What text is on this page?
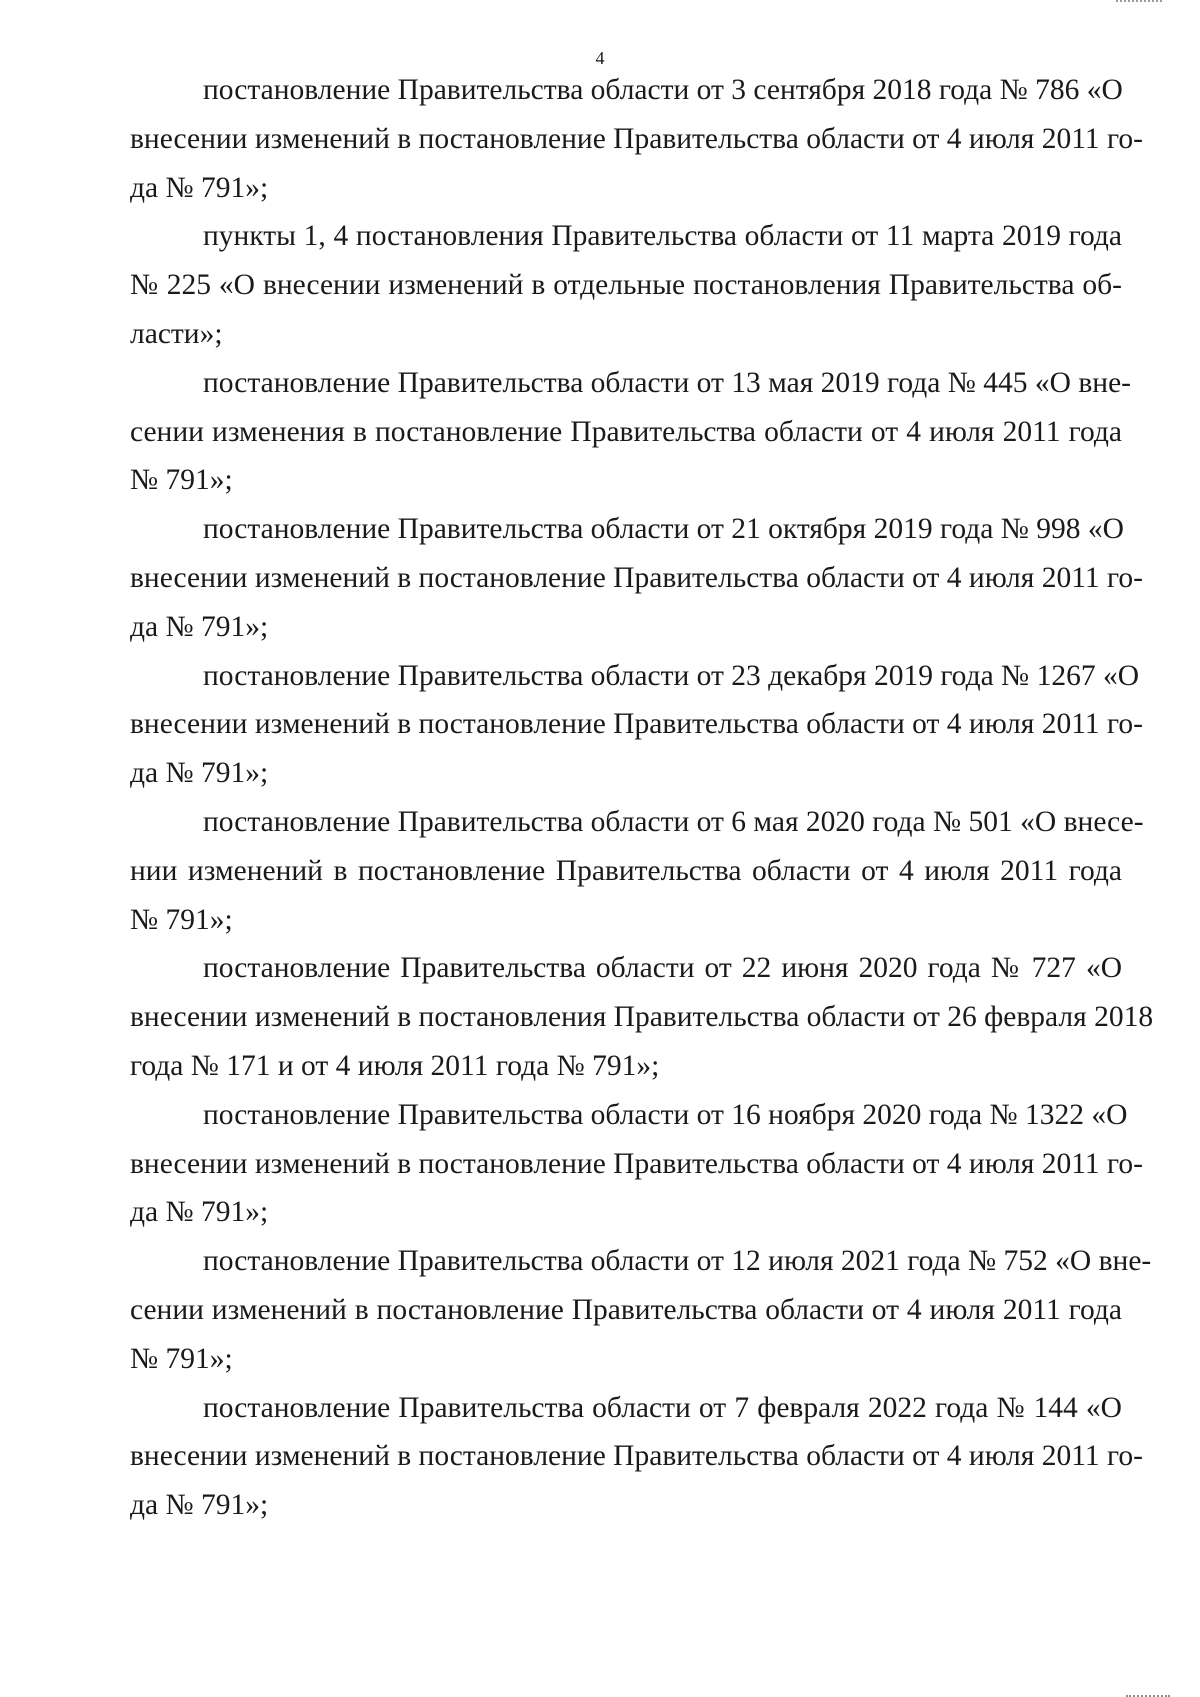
4
постановление Правительства области от 3 сентября 2018 года № 786 «О
внесении изменений в постановление Правительства области от 4 июля 2011 го-
да № 791»;
пункты 1, 4 постановления Правительства области от 11 марта 2019 года
№ 225 «О внесении изменений в отдельные постановления Правительства об-
ласти»;
постановление Правительства области от 13 мая 2019 года № 445 «О вне-
сении изменения в постановление Правительства области от 4 июля 2011 года
№ 791»;
постановление Правительства области от 21 октября 2019 года № 998 «О
внесении изменений в постановление Правительства области от 4 июля 2011 го-
да № 791»;
постановление Правительства области от 23 декабря 2019 года № 1267 «О
внесении изменений в постановление Правительства области от 4 июля 2011 го-
да № 791»;
постановление Правительства области от 6 мая 2020 года № 501 «О внесе-
нии изменений в постановление Правительства области от 4 июля 2011 года
№ 791»;
постановление Правительства области от 22 июня 2020 года № 727 «О
внесении изменений в постановления Правительства области от 26 февраля 2018
года № 171 и от 4 июля 2011 года № 791»;
постановление Правительства области от 16 ноября 2020 года № 1322 «О
внесении изменений в постановление Правительства области от 4 июля 2011 го-
да № 791»;
постановление Правительства области от 12 июля 2021 года № 752 «О вне-
сении изменений в постановление Правительства области от 4 июля 2011 года
№ 791»;
постановление Правительства области от 7 февраля 2022 года № 144 «О
внесении изменений в постановление Правительства области от 4 июля 2011 го-
да № 791»;
